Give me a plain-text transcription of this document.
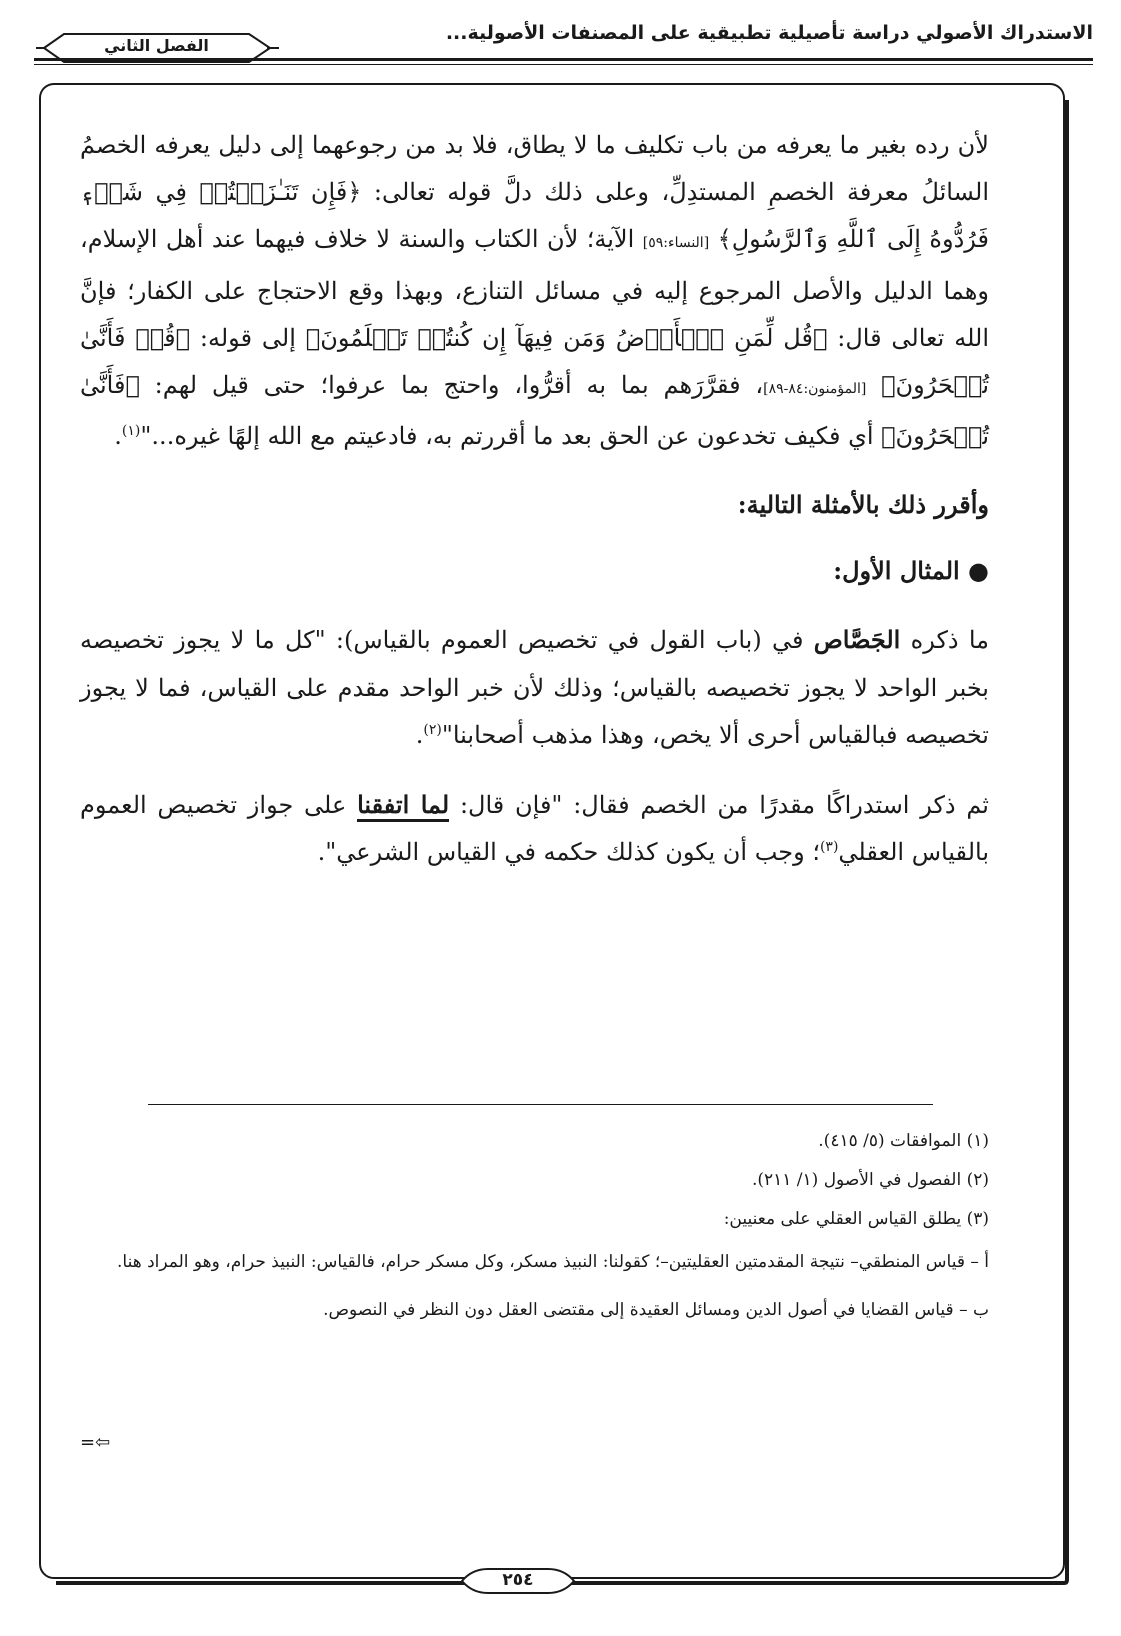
الاستدراك الأصولي دراسة تأصيلية تطبيقية على المصنفات الأصولية...
الفصل الثاني

لأن رده بغير ما يعرفه من باب تكليف ما لا يطاق، فلا بد من رجوعهما إلى دليل يعرفه الخصمُ السائلُ معرفة الخصمِ المستدِلِّ، وعلى ذلك دلَّ قوله تعالى: ﴿فَإِن تَنَـٰزَعۡتُمۡ فِي شَيۡءٖ فَرُدُّوهُ إِلَى ٱللَّهِ وَٱلرَّسُولِ﴾ [النساء:٥٩] الآية؛ لأن الكتاب والسنة لا خلاف فيهما عند أهل الإسلام، وهما الدليل والأصل المرجوع إليه في مسائل التنازع، وبهذا وقع الاحتجاج على الكفار؛ فإنَّ الله تعالى قال: ﴿قُل لِّمَنِ ٱلۡأَرۡضُ وَمَن فِيهَآ إِن كُنتُمۡ تَعۡلَمُونَ﴾ إلى قوله: ﴿قُلۡ فَأَنَّىٰ تُسۡحَرُونَ﴾ [المؤمنون:٨٤-٨٩]، فقرَّرَهم بما به أقرُّوا، واحتج بما عرفوا؛ حتى قيل لهم: ﴿فَأَنَّىٰ تُسۡحَرُونَ﴾ أي فكيف تخدعون عن الحق بعد ما أقررتم به، فادعيتم مع الله إلهًا غيره..."$^{(١)}$.

وأقرر ذلك بالأمثلة التالية:

● المثال الأول:

ما ذكره الجَصَّاص في (باب القول في تخصيص العموم بالقياس): "كل ما لا يجوز تخصيصه بخبر الواحد لا يجوز تخصيصه بالقياس؛ وذلك لأن خبر الواحد مقدم على القياس، فما لا يجوز تخصيصه فبالقياس أحرى ألا يخص، وهذا مذهب أصحابنا"$^{(٢)}$.

ثم ذكر استدراكًا مقدرًا من الخصم فقال: "فإن قال: لما اتفقنا على جواز تخصيص العموم بالقياس العقلي$^{(٣)}$؛ وجب أن يكون كذلك حكمه في القياس الشرعي".

(١) الموافقات (٥/ ٤١٥).

(٢) الفصول في الأصول (١/ ٢١١).

(٣) يطلق القياس العقلي على معنيين:

أ – قياس المنطقي– نتيجة المقدمتين العقليتين–؛ كقولنا: النبيذ مسكر، وكل مسكر حرام، فالقياس: النبيذ حرام، وهو المراد هنا.

ب – قياس القضايا في أصول الدين ومسائل العقيدة إلى مقتضى العقل دون النظر في النصوص.

=⇦
٢٥٤
